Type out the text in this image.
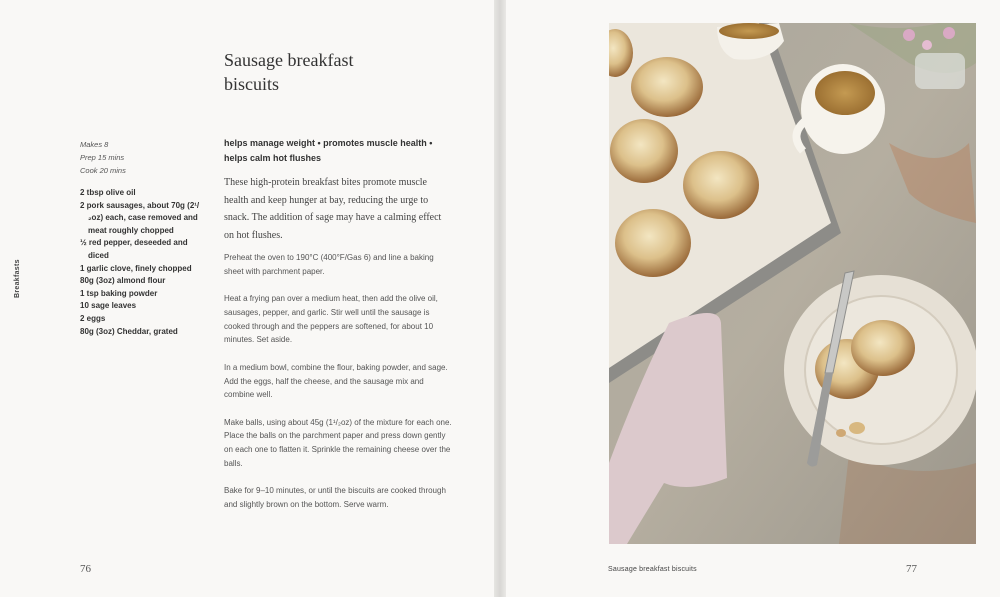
Breakfasts
Sausage breakfast
biscuits
Makes 8
Prep 15 mins
Cook 20 mins
2 tbsp olive oil
2 pork sausages, about 70g (2¹/₂oz) each, case removed and meat roughly chopped
½ red pepper, deseeded and diced
1 garlic clove, finely chopped
80g (3oz) almond flour
1 tsp baking powder
10 sage leaves
2 eggs
80g (3oz) Cheddar, grated
helps manage weight • promotes muscle health • helps calm hot flushes

These high-protein breakfast bites promote muscle health and keep hunger at bay, reducing the urge to snack. The addition of sage may have a calming effect on hot flushes.

Preheat the oven to 190°C (400°F/Gas 6) and line a baking sheet with parchment paper.

Heat a frying pan over a medium heat, then add the olive oil, sausages, pepper, and garlic. Stir well until the sausage is cooked through and the peppers are softened, for about 10 minutes. Set aside.

In a medium bowl, combine the flour, baking powder, and sage. Add the eggs, half the cheese, and the sausage mix and combine well.

Make balls, using about 45g (1¹/₂oz) of the mixture for each one. Place the balls on the parchment paper and press down gently on each one to flatten it. Sprinkle the remaining cheese over the balls.

Bake for 9–10 minutes, or until the biscuits are cooked through and slightly brown on the bottom. Serve warm.

76	Sausage breakfast biscuits	77
